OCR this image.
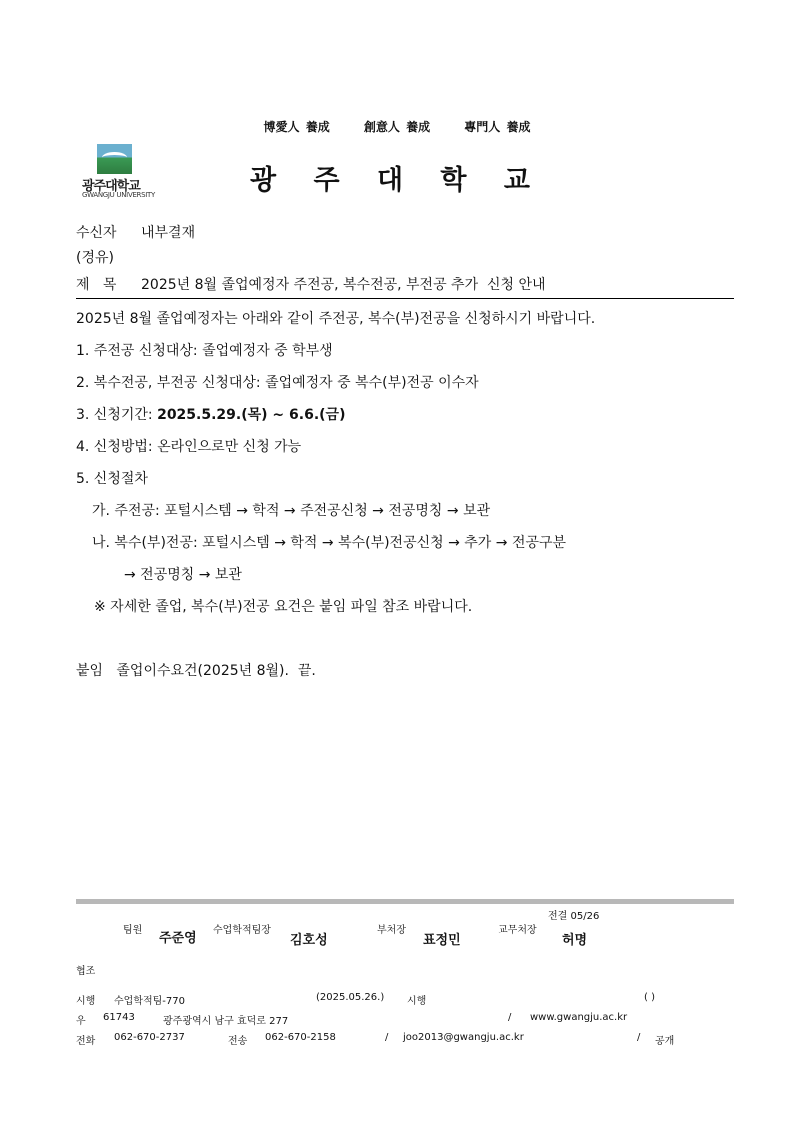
博愛人 養成	創意人 養成	專門人 養成
광주대학교
GWANGJU UNIVERSITY	광 주 대 학 교
수신자 내부결재
(경유)
제   목 2025년 8월 졸업예정자 주전공, 복수전공, 부전공 추가  신청 안내
2025년 8월 졸업예정자는 아래와 같이 주전공, 복수(부)전공을 신청하시기 바랍니다.
1. 주전공 신청대상: 졸업예정자 중 학부생
2. 복수전공, 부전공 신청대상: 졸업예정자 중 복수(부)전공 이수자
3. 신청기간: 2025.5.29.(목) ~ 6.6.(금)
4. 신청방법: 온라인으로만 신청 가능
5. 신청절차
가. 주전공: 포털시스템 → 학적 → 주전공신청 → 전공명칭 → 보관
나. 복수(부)전공: 포털시스템 → 학적 → 복수(부)전공신청 → 추가 → 전공구분
→ 전공명칭 → 보관
※ 자세한 졸업, 복수(부)전공 요건은 붙임 파일 참조 바랍니다.
붙임   졸업이수요건(2025년 8월).  끝.
전결 05/26
팀원
주준영
수업학적팀장
김호성
부처장
표정민
교무처장
허명
협조
시행 수업학적팀-770	(2025.05.26.) 시행	( )
우 61743	광주광역시 남구 효덕로 277	/ www.gwangju.ac.kr
전화 062-670-2737	전송 062-670-2158	/ joo2013@gwangju.ac.kr	/ 공개
